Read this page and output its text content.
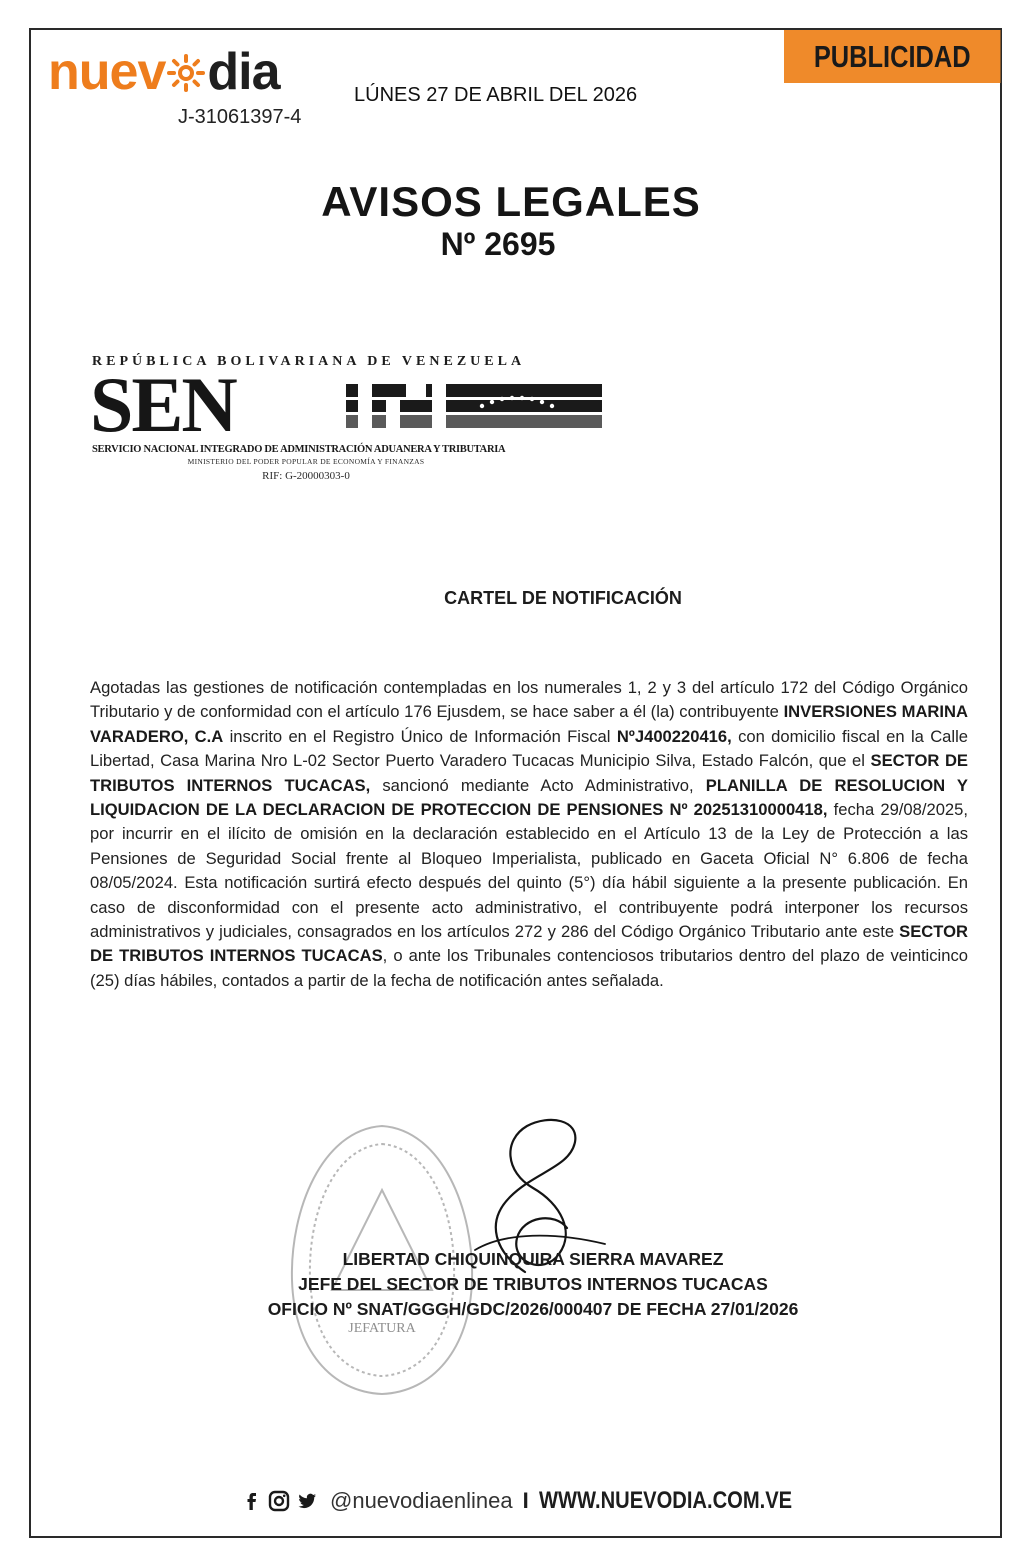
nuev dia
J-31061397-4
LÚNES 27 DE ABRIL DEL 2026
PUBLICIDAD
AVISOS LEGALES
Nº 2695
REPÚBLICA BOLIVARIANA DE VENEZUELA
SEN
SERVICIO NACIONAL INTEGRADO DE ADMINISTRACIÓN ADUANERA Y TRIBUTARIA
MINISTERIO DEL PODER POPULAR DE ECONOMÍA Y FINANZAS
RIF: G-20000303-0
CARTEL DE NOTIFICACIÓN
Agotadas las gestiones de notificación contempladas en los numerales 1, 2 y 3 del artículo 172 del Código Orgánico Tributario y de conformidad con el artículo 176 Ejusdem, se hace saber a él (la) contribuyente INVERSIONES MARINA VARADERO, C.A inscrito en el Registro Único de Información Fiscal NºJ400220416, con domicilio fiscal en la Calle Libertad, Casa Marina Nro L-02 Sector Puerto Varadero Tucacas Municipio Silva, Estado Falcón, que el SECTOR DE TRIBUTOS INTERNOS TUCACAS, sancionó mediante Acto Administrativo, PLANILLA DE RESOLUCION Y LIQUIDACION DE LA DECLARACION DE PROTECCION DE PENSIONES Nº 20251310000418, fecha 29/08/2025, por incurrir en el ilícito de omisión en la declaración establecido en el Artículo 13 de la Ley de Protección a las Pensiones de Seguridad Social frente al Bloqueo Imperialista, publicado en Gaceta Oficial N° 6.806 de fecha 08/05/2024. Esta notificación surtirá efecto después del quinto (5°) día hábil siguiente a la presente publicación. En caso de disconformidad con el presente acto administrativo, el contribuyente podrá interponer los recursos administrativos y judiciales, consagrados en los artículos 272 y 286 del Código Orgánico Tributario ante este SECTOR DE TRIBUTOS INTERNOS TUCACAS, o ante los Tribunales contenciosos tributarios dentro del plazo de veinticinco (25) días hábiles, contados a partir de la fecha de notificación antes señalada.
JEFATURA
LIBERTAD CHIQUINQUIRA SIERRA MAVAREZ
JEFE DEL SECTOR DE TRIBUTOS INTERNOS TUCACAS
OFICIO Nº SNAT/GGGH/GDC/2026/000407 DE FECHA 27/01/2026
@nuevodiaenlinea I WWW.NUEVODIA.COM.VE
